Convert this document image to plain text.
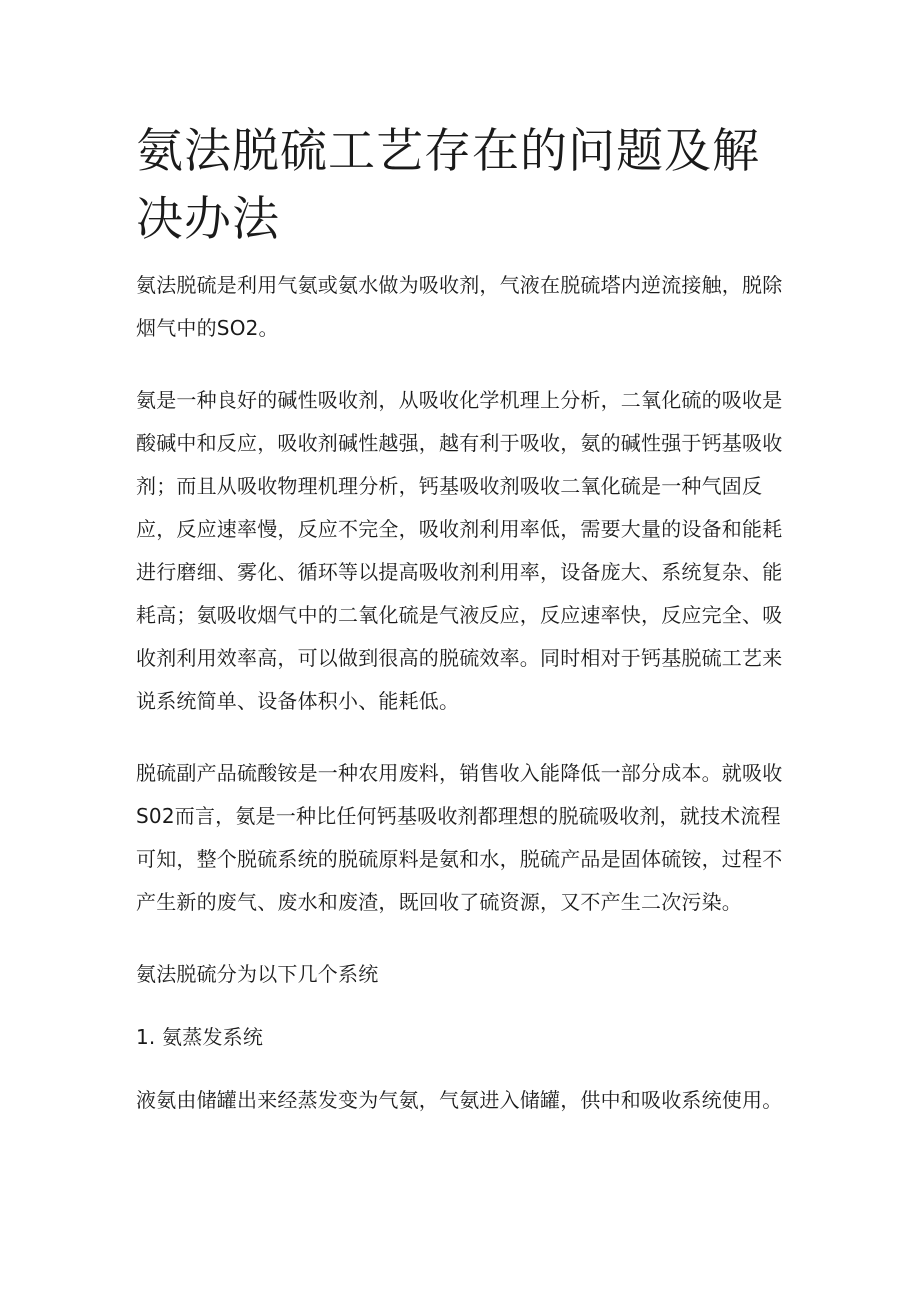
氨法脱硫工艺存在的问题及解决办法

氨法脱硫是利用气氨或氨水做为吸收剂，气液在脱硫塔内逆流接触，脱除烟气中的SO2。

氨是一种良好的碱性吸收剂，从吸收化学机理上分析，二氧化硫的吸收是酸碱中和反应，吸收剂碱性越强，越有利于吸收，氨的碱性强于钙基吸收剂；而且从吸收物理机理分析，钙基吸收剂吸收二氧化硫是一种气固反应，反应速率慢，反应不完全，吸收剂利用率低，需要大量的设备和能耗进行磨细、雾化、循环等以提高吸收剂利用率，设备庞大、系统复杂、能耗高；氨吸收烟气中的二氧化硫是气液反应，反应速率快，反应完全、吸收剂利用效率高，可以做到很高的脱硫效率。同时相对于钙基脱硫工艺来说系统简单、设备体积小、能耗低。

脱硫副产品硫酸铵是一种农用废料，销售收入能降低一部分成本。就吸收S02而言，氨是一种比任何钙基吸收剂都理想的脱硫吸收剂，就技术流程可知，整个脱硫系统的脱硫原料是氨和水，脱硫产品是固体硫铵，过程不产生新的废气、废水和废渣，既回收了硫资源，又不产生二次污染。

氨法脱硫分为以下几个系统

1. 氨蒸发系统

液氨由储罐出来经蒸发变为气氨，气氨进入储罐，供中和吸收系统使用。
